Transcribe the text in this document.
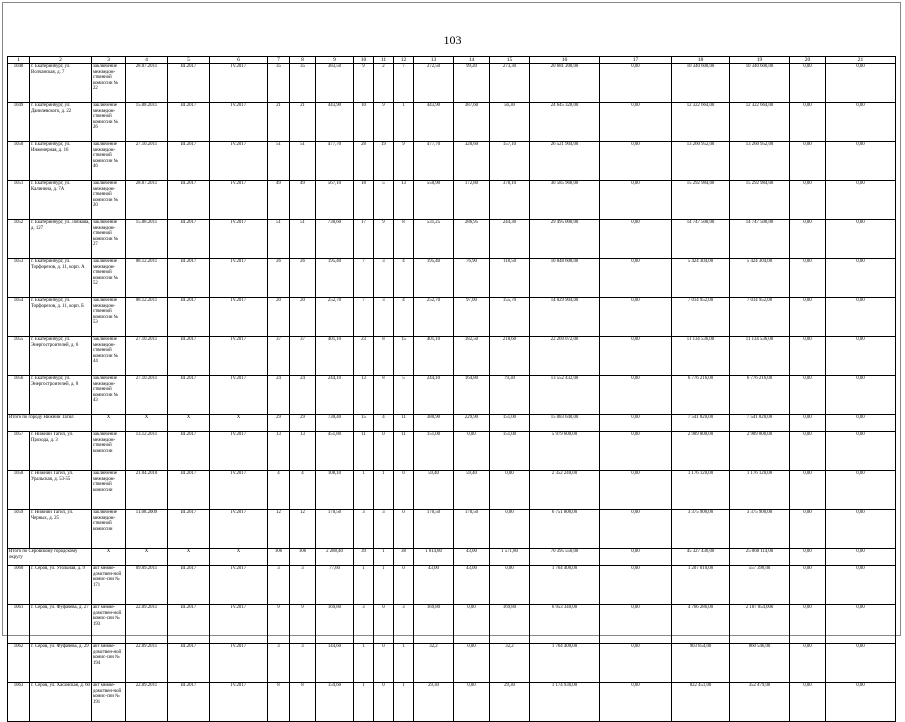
103
1	2	3	4	5	6	7	8	9	10	11	12	13	14	15	16	17	18	19	20	21
1048	г. Екатеринбург, ул. Волчанская, д. 7	заключение межведом-ственной комиссии № 22	28.07.2011	III.2017	IV.2017	35	35	383,50	9	2	7	372,50	99,20	273,30	20 681 200,00	0,00	10 340 600,00	10 340 600,00	0,00	0,00
1049	г. Екатеринбург, ул. Данилевского, д. 22	заключение межведом-ственной комиссии № 26	15.08.2011	III.2017	IV.2017	21	21	443,90	10	9	1	443,90	387,60	56,30	24 645 328,00	0,00	12 322 664,00	12 322 664,00	0,00	0,00
1050	г. Екатеринбург, ул. Инженерная, д. 16	заключение межведом-ственной комиссии № 46	27.10.2011	III.2017	IV.2017	51	51	477,70	28	19	9	477,70	320,60	157,10	26 521 904,00	0,00	13 260 952,00	13 260 952,00	0,00	0,00
1051	г. Екатеринбург, ул. Калинина, д. 7А	заключение межведом-ственной комиссии № 20	28.07.2011	III.2017	IV.2017	49	49	567,10	18	5	13	550,90	172,80	378,10	30 585 968,00	0,00	15 292 984,00	15 292 984,00	0,00	0,00
1052	г. Екатеринбург, ул. Лобкова, д. 127	заключение межведом-ственной комиссии № 27	15.08.2011	III.2017	IV.2017	51	51	730,60	17	9	8	531,25	286,95	244,30	29 495 000,00	0,00	14 747 500,00	14 747 500,00	0,00	0,00
1053	г. Екатеринбург, ул. Торфорезов, д. 11, корп. А	заключение межведом-ственной комиссии № 52	08.12.2011	III.2017	IV.2017	26	26	195,40	7	3	4	195,40	76,90	118,50	10 848 608,00	0,00	5 424 304,00	5 424 304,00	0,00	0,00
1054	г. Екатеринбург, ул. Торфорезов, д. 11, корп. Б	заключение межведом-ственной комиссии № 53	08.12.2011	III.2017	IV.2017	20	20	252,70	7	3	4	252,70	97,00	155,70	14 029 904,00	0,00	7 014 952,00	7 014 952,00	0,00	0,00
1055	г. Екатеринбург, ул. Энергостроителей, д. 6	заключение межведом-ственной комиссии № 44	27.10.2011	III.2017	IV.2017	37	37	401,10	23	8	15	401,10	182,50	218,60	22 269 072,00	0,00	11 134 536,00	11 134 536,00	0,00	0,00
1056	г. Екатеринбург, ул. Энергостроителей, д. 8	заключение межведом-ственной комиссии № 43	27.10.2011	III.2017	IV.2017	24	24	244,10	13	8	5	244,10	164,80	79,30	13 552 432,00	0,00	6 776 216,00	6 776 216,00	0,00	0,00
Итого по городу Нижний Тагил		X	X	X	X	29	29	730,40	15	4	11	380,90	229,90	151,00	15 083 640,00	0,00	7 541 820,00	7 541 820,00	0,00	0,00
1057	г. Нижний Тагил, ул. Прохода, д. 3	заключение межведом-ственной комиссии	13.12.2011	III.2017	IV.2017	13	13	451,80	11	0	11	151,00	0,00	151,00	5 979 600,00	0,00	2 989 800,00	2 989 800,00	0,00	0,00
1058	г. Нижний Тагил, ул. Уральская, д. 53-55	заключение межведом-ственной комиссии	21.04.2010	III.2017	IV.2017	4	4	108,10	1	1	0	59,40	59,40	0,00	2 352 240,00	0,00	1 176 120,00	1 176 120,00	0,00	0,00
1059	г. Нижний Тагил, ул. Черных, д. 25	заключение межведом-ственной комиссии	11.08.2009	III.2017	IV.2017	12	12	170,50	3	3	0	170,50	170,50	0,00	6 751 800,00	0,00	3 375 900,00	3 375 900,00	0,00	0,00
Итого по Серовскому городскому округу		X	X	X	X	106	106	2 288,40	39	1	38	1 614,80	43,00	1 571,80	70 395 550,00	0,00	45 327 436,00	25 068 114,00	0,00	0,00
1060	г. Серов, ул. Угольная, д. 9	акт межве-домствен-ной комис-сии № 171	09.09.2011	III.2017	IV.2017	3	3	77,60	1	1	0	43,00	43,00	0,00	1 764 400,00	0,00	1 207 010,00	557 390,00	0,00	0,00
1061	г. Серов, ул. Фуфачева, д. 27	акт межве-домствен-ной комис-сии № 193	22.09.2011	III.2017	IV.2017	9	9	169,80	3	0	3	169,80	0,00	169,80	6 953 340,00	0,00	4 766 286,00	2 187 054,000	0,00	0,00
1062	г. Серов, ул. Фуфачева, д. 29	акт межве-домствен-ной комис-сии № 194	22.09.2011	III.2017	IV.2017	3	3	144,60	1	0	1	32,2	0,00	32,2	1 764 400,00	0,00	903 854,00	860 546,00	0,00	0,00
1063	г. Серов, ул. Хасанская, д. 60	акт межве-домствен-ной комис-сии № 191	22.09.2011	III.2017	IV.2017	8	8	159,60	1	0	1	29,30	0,00	29,30	1 174 930,00	0,00	822 451,00	352 479,00	0,00	0,00
